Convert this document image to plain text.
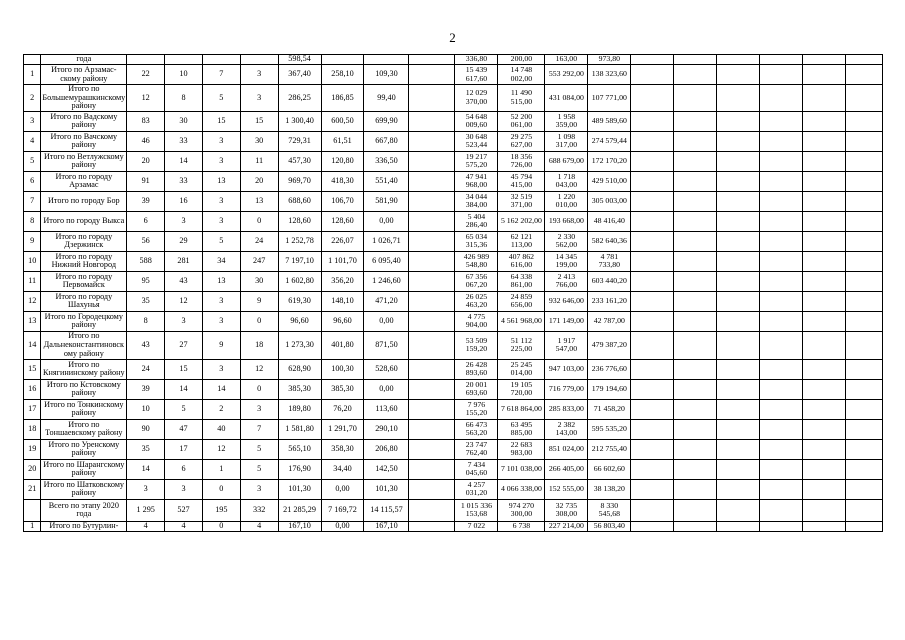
2
	года					598,54				336,80	200,00	163,00	973,80						
1	Итого по Арзамас-скому району	22	10	7	3	367,40	258,10	109,30		15 439 617,60	14 748 002,00	553 292,00	138 323,60						
2	Итого по Большемурашкинскому району	12	8	5	3	286,25	186,85	99,40		12 029 370,00	11 490 515,00	431 084,00	107 771,00						
3	Итого по Вадскому району	83	30	15	15	1 300,40	600,50	699,90		54 648 009,60	52 200 061,00	1 958 359,00	489 589,60						
4	Итого по Вачскому району	46	33	3	30	729,31	61,51	667,80		30 648 523,44	29 275 627,00	1 098 317,00	274 579,44						
5	Итого по Ветлужскому району	20	14	3	11	457,30	120,80	336,50		19 217 575,20	18 356 726,00	688 679,00	172 170,20						
6	Итого по городу Арзамас	91	33	13	20	969,70	418,30	551,40		47 941 968,00	45 794 415,00	1 718 043,00	429 510,00						
7	Итого по городу Бор	39	16	3	13	688,60	106,70	581,90		34 044 384,00	32 519 371,00	1 220 010,00	305 003,00						
8	Итого по городу Выкса	6	3	3	0	128,60	128,60	0,00		5 404 286,40	5 162 202,00	193 668,00	48 416,40						
9	Итого по городу Дзержинск	56	29	5	24	1 252,78	226,07	1 026,71		65 034 315,36	62 121 113,00	2 330 562,00	582 640,36						
10	Итого по городу Нижний Новгород	588	281	34	247	7 197,10	1 101,70	6 095,40		426 989 548,80	407 862 616,00	14 345 199,00	4 781 733,80						
11	Итого по городу Первомайск	95	43	13	30	1 602,80	356,20	1 246,60		67 356 067,20	64 338 861,00	2 413 766,00	603 440,20						
12	Итого по городу Шахунья	35	12	3	9	619,30	148,10	471,20		26 025 463,20	24 859 656,00	932 646,00	233 161,20						
13	Итого по Городецкому району	8	3	3	0	96,60	96,60	0,00		4 775 904,00	4 561 968,00	171 149,00	42 787,00						
14	Итого по Дальнеконстантиновскому району	43	27	9	18	1 273,30	401,80	871,50		53 509 159,20	51 112 225,00	1 917 547,00	479 387,20						
15	Итого по Княгининскому району	24	15	3	12	628,90	100,30	528,60		26 428 893,60	25 245 014,00	947 103,00	236 776,60						
16	Итого по Кстовскому району	39	14	14	0	385,30	385,30	0,00		20 001 693,60	19 105 720,00	716 779,00	179 194,60						
17	Итого по Тонкинскому району	10	5	2	3	189,80	76,20	113,60		7 976 155,20	7 618 864,00	285 833,00	71 458,20						
18	Итого по Тоншаевскому району	90	47	40	7	1 581,80	1 291,70	290,10		66 473 563,20	63 495 885,00	2 382 143,00	595 535,20						
19	Итого по Уренскому району	35	17	12	5	565,10	358,30	206,80		23 747 762,40	22 683 983,00	851 024,00	212 755,40						
20	Итого по Шарангскому району	14	6	1	5	176,90	34,40	142,50		7 434 045,60	7 101 038,00	266 405,00	66 602,60						
21	Итого по Шатковскому району	3	3	0	3	101,30	0,00	101,30		4 257 031,20	4 066 338,00	152 555,00	38 138,20						
	Всего по этапу 2020 года	1 295	527	195	332	21 285,29	7 169,72	14 115,57		1 015 336 153,68	974 270 300,00	32 735 308,00	8 330 545,68						
1	Итого по Бутурлин-	4	4	0	4	167,10	0,00	167,10		7 022	6 738	227 214,00	56 803,40						
